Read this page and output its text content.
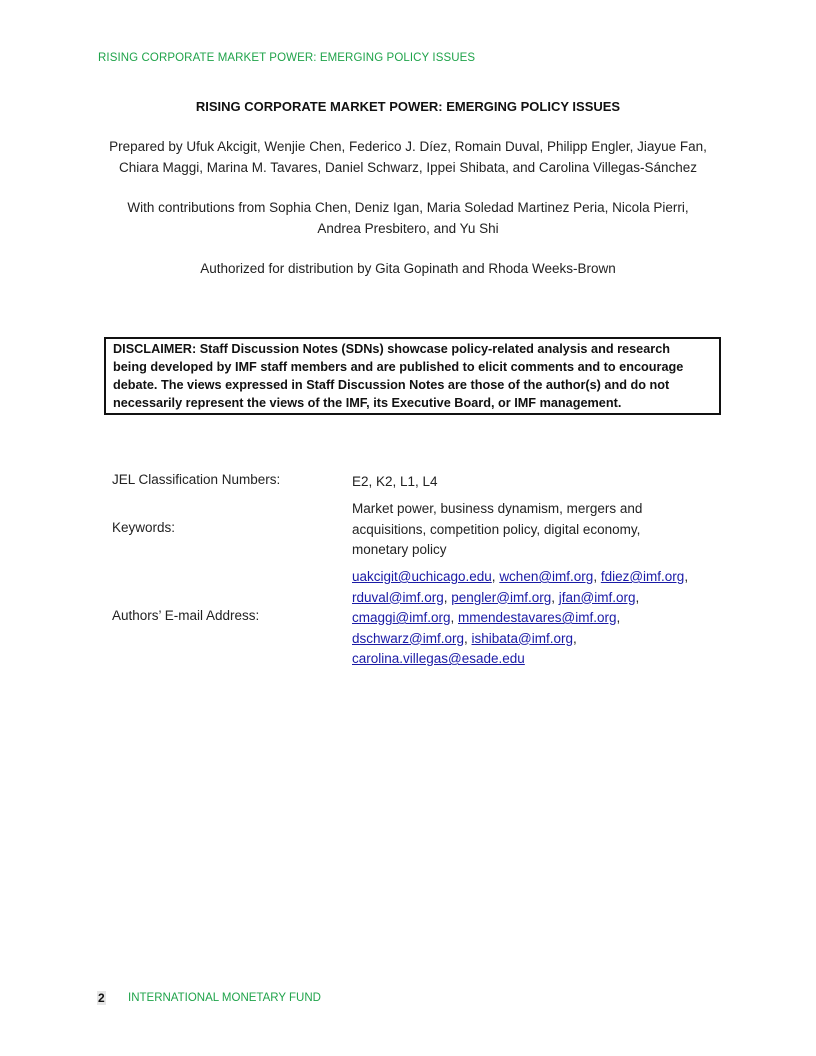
RISING CORPORATE MARKET POWER: EMERGING POLICY ISSUES
RISING CORPORATE MARKET POWER: EMERGING POLICY ISSUES
Prepared by Ufuk Akcigit, Wenjie Chen, Federico J. Díez, Romain Duval, Philipp Engler, Jiayue Fan,
Chiara Maggi, Marina M. Tavares, Daniel Schwarz, Ippei Shibata, and Carolina Villegas-Sánchez
With contributions from Sophia Chen, Deniz Igan, Maria Soledad Martinez Peria, Nicola Pierri,
Andrea Presbitero, and Yu Shi
Authorized for distribution by Gita Gopinath and Rhoda Weeks-Brown
DISCLAIMER: Staff Discussion Notes (SDNs) showcase policy-related analysis and research
being developed by IMF staff members and are published to elicit comments and to encourage
debate. The views expressed in Staff Discussion Notes are those of the author(s) and do not
necessarily represent the views of the IMF, its Executive Board, or IMF management.
JEL Classification Numbers:	E2, K2, L1, L4
Keywords:
Market power, business dynamism, mergers and
acquisitions, competition policy, digital economy,
monetary policy
Authors’ E-mail Address:
uakcigit@uchicago.edu, wchen@imf.org, fdiez@imf.org,
rduval@imf.org, pengler@imf.org, jfan@imf.org,
cmaggi@imf.org, mmendestavares@imf.org,
dschwarz@imf.org, ishibata@imf.org,
carolina.villegas@esade.edu
2 INTERNATIONAL MONETARY FUND
